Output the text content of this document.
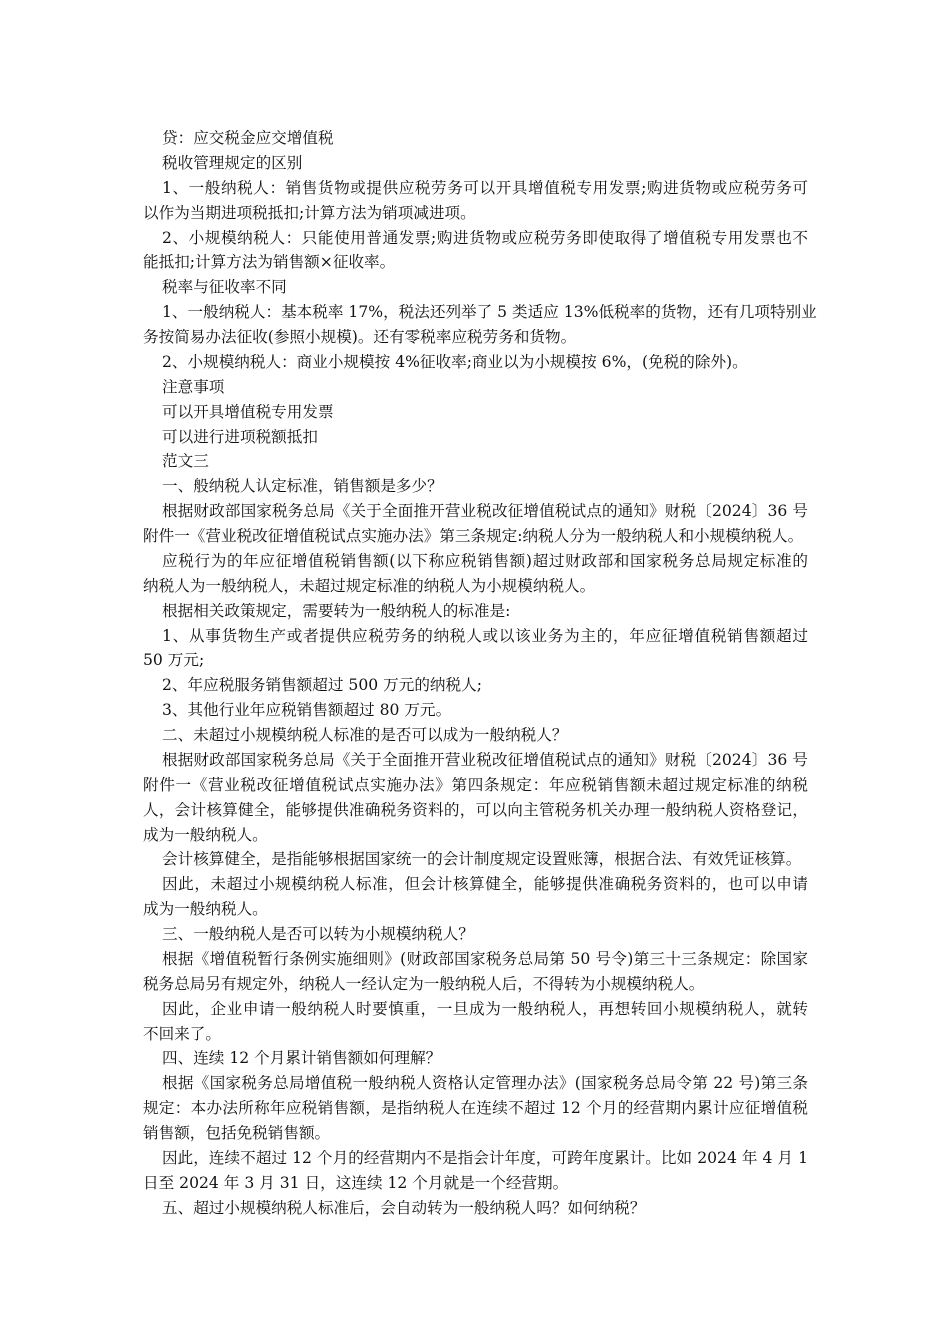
贷：应交税金应交增值税
税收管理规定的区别
1、一般纳税人：销售货物或提供应税劳务可以开具增值税专用发票;购进货物或应税劳务可
以作为当期进项税抵扣;计算方法为销项减进项。
2、小规模纳税人：只能使用普通发票;购进货物或应税劳务即使取得了增值税专用发票也不
能抵扣;计算方法为销售额×征收率。
税率与征收率不同
1、一般纳税人：基本税率 17%，税法还列举了 5 类适应 13%低税率的货物，还有几项特别业
务按简易办法征收(参照小规模)。还有零税率应税劳务和货物。
2、小规模纳税人：商业小规模按 4%征收率;商业以为小规模按 6%，(免税的除外)。
注意事项
可以开具增值税专用发票
可以进行进项税额抵扣
范文三
一、般纳税人认定标准，销售额是多少？
根据财政部国家税务总局《关于全面推开营业税改征增值税试点的通知》财税〔2024〕36 号
附件一《营业税改征增值税试点实施办法》第三条规定:纳税人分为一般纳税人和小规模纳税人。
应税行为的年应征增值税销售额(以下称应税销售额)超过财政部和国家税务总局规定标准的
纳税人为一般纳税人，未超过规定标准的纳税人为小规模纳税人。
根据相关政策规定，需要转为一般纳税人的标准是:
1、从事货物生产或者提供应税劳务的纳税人或以该业务为主的，年应征增值税销售额超过
50 万元;
2、年应税服务销售额超过 500 万元的纳税人;
3、其他行业年应税销售额超过 80 万元。
二、未超过小规模纳税人标准的是否可以成为一般纳税人？
根据财政部国家税务总局《关于全面推开营业税改征增值税试点的通知》财税〔2024〕36 号
附件一《营业税改征增值税试点实施办法》第四条规定：年应税销售额未超过规定标准的纳税
人，会计核算健全，能够提供准确税务资料的，可以向主管税务机关办理一般纳税人资格登记，
成为一般纳税人。
会计核算健全，是指能够根据国家统一的会计制度规定设置账簿，根据合法、有效凭证核算。
因此，未超过小规模纳税人标准，但会计核算健全，能够提供准确税务资料的，也可以申请
成为一般纳税人。
三、一般纳税人是否可以转为小规模纳税人？
根据《增值税暂行条例实施细则》(财政部国家税务总局第 50 号令)第三十三条规定：除国家
税务总局另有规定外，纳税人一经认定为一般纳税人后，不得转为小规模纳税人。
因此，企业申请一般纳税人时要慎重，一旦成为一般纳税人，再想转回小规模纳税人，就转
不回来了。
四、连续 12 个月累计销售额如何理解？
根据《国家税务总局增值税一般纳税人资格认定管理办法》(国家税务总局令第 22 号)第三条
规定：本办法所称年应税销售额，是指纳税人在连续不超过 12 个月的经营期内累计应征增值税
销售额，包括免税销售额。
因此，连续不超过 12 个月的经营期内不是指会计年度，可跨年度累计。比如 2024 年 4 月 1
日至 2024 年 3 月 31 日，这连续 12 个月就是一个经营期。
五、超过小规模纳税人标准后，会自动转为一般纳税人吗？如何纳税？
